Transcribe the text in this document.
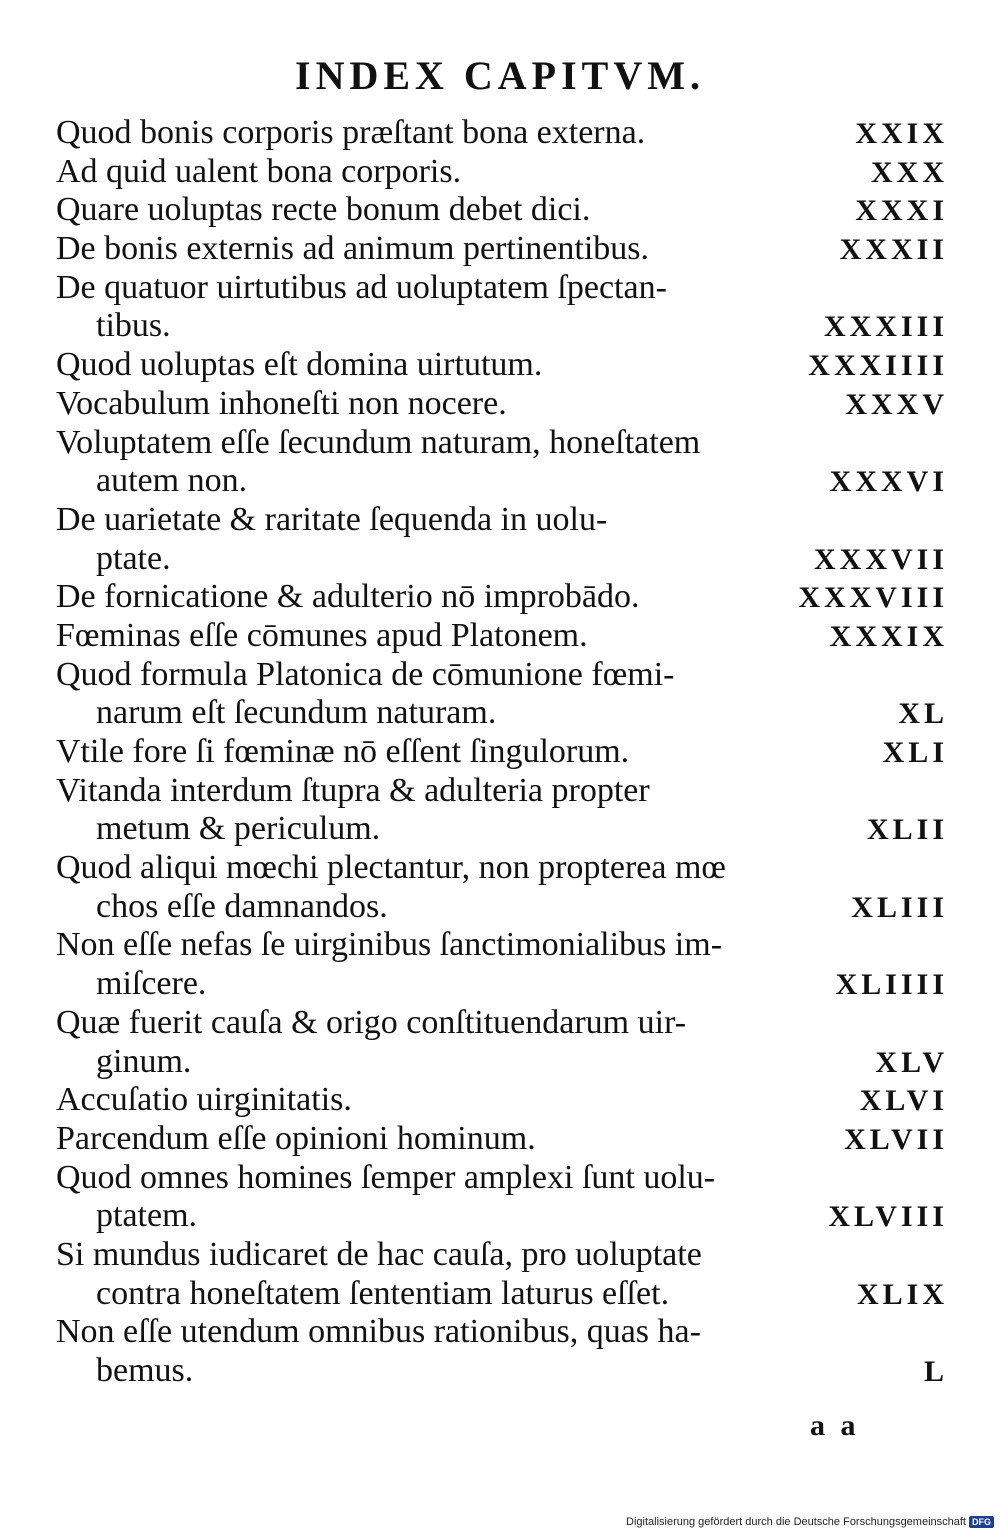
INDEX CAPITVM.
Quod bonis corporis præſtant bona externa.	XXIX
Ad quid ualent bona corporis.	XXX
Quare uoluptas recte bonum debet dici.	XXXI
De bonis externis ad animum pertinentibus.	XXXII
De quatuor uirtutibus ad uoluptatem ſpectan-
tibus.	XXXIII
Quod uoluptas eſt domina uirtutum.	XXXIIII
Vocabulum inhoneſti non nocere.	XXXV
Voluptatem eſſe ſecundum naturam, honeſtatem
autem non.	XXXVI
De uarietate & raritate ſequenda in uolu-
ptate.	XXXVII
De fornicatione & adulterio nō improbādo.	XXXVIII
Fœminas eſſe cōmunes apud Platonem.	XXXIX
Quod formula Platonica de cōmunione fœmi-
narum eſt ſecundum naturam.	XL
Vtile fore ſi fœminæ nō eſſent ſingulorum.	XLI
Vitanda interdum ſtupra & adulteria propter
metum & periculum.	XLII
Quod aliqui mœchi plectantur, non propterea mœ
chos eſſe damnandos.	XLIII
Non eſſe nefas ſe uirginibus ſanctimonialibus im-
miſcere.	XLIIII
Quæ fuerit cauſa & origo conſtituendarum uir-
ginum.	XLV
Accuſatio uirginitatis.	XLVI
Parcendum eſſe opinioni hominum.	XLVII
Quod omnes homines ſemper amplexi ſunt uolu-
ptatem.	XLVIII
Si mundus iudicaret de hac cauſa, pro uoluptate
contra honeſtatem ſententiam laturus eſſet.	XLIX
Non eſſe utendum omnibus rationibus, quas ha-
bemus.	L
a a
Digitalisierung gefördert durch die Deutsche Forschungsgemeinschaft DFG
